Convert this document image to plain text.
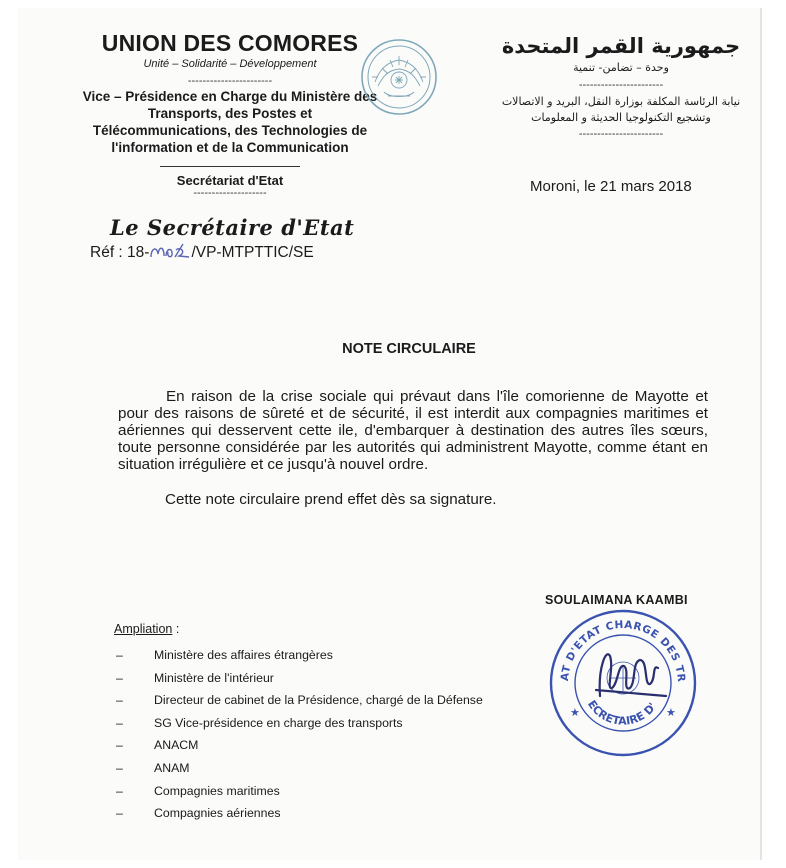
UNION DES COMORES
Unité – Solidarité – Développement
-----------------------
Vice – Présidence en Charge du Ministère des Transports, des Postes et Télécommunications, des Technologies de l'information et de la Communication
Secrétariat d'Etat
--------------------
Le Secrétaire d'Etat
Réf : 18-	/VP-MTPTTIC/SE
جمهورية القمر المتحدة
وحدة – تضامن- تنمية
-----------------------
نيابة الرئاسة المكلفة بوزارة النقل، البريد و الاتصالات وتشجيع التكنولوجيا الحديثة و المعلومات
-----------------------
Moroni, le 21 mars 2018
NOTE CIRCULAIRE
En raison de la crise sociale qui prévaut dans l'île comorienne de Mayotte et pour des raisons de sûreté et de sécurité, il est interdit aux compagnies maritimes et aériennes qui desservent cette ile, d'embarquer à destination des autres îles sœurs, toute personne considérée par les autorités qui administrent Mayotte, comme étant en situation irrégulière et ce jusqu'à nouvel ordre.
Cette note circulaire prend effet dès sa signature.
SOULAIMANA KAAMBI
AT D'ETAT CHARGE DES TR
ECRETAIRE D'
★	★
Ampliation :
–	Ministère des affaires étrangères
–	Ministère de l'intérieur
–	Directeur de cabinet de la Présidence, chargé de la Défense
–	SG Vice-présidence en charge des transports
–	ANACM
–	ANAM
–	Compagnies maritimes
–	Compagnies aériennes
